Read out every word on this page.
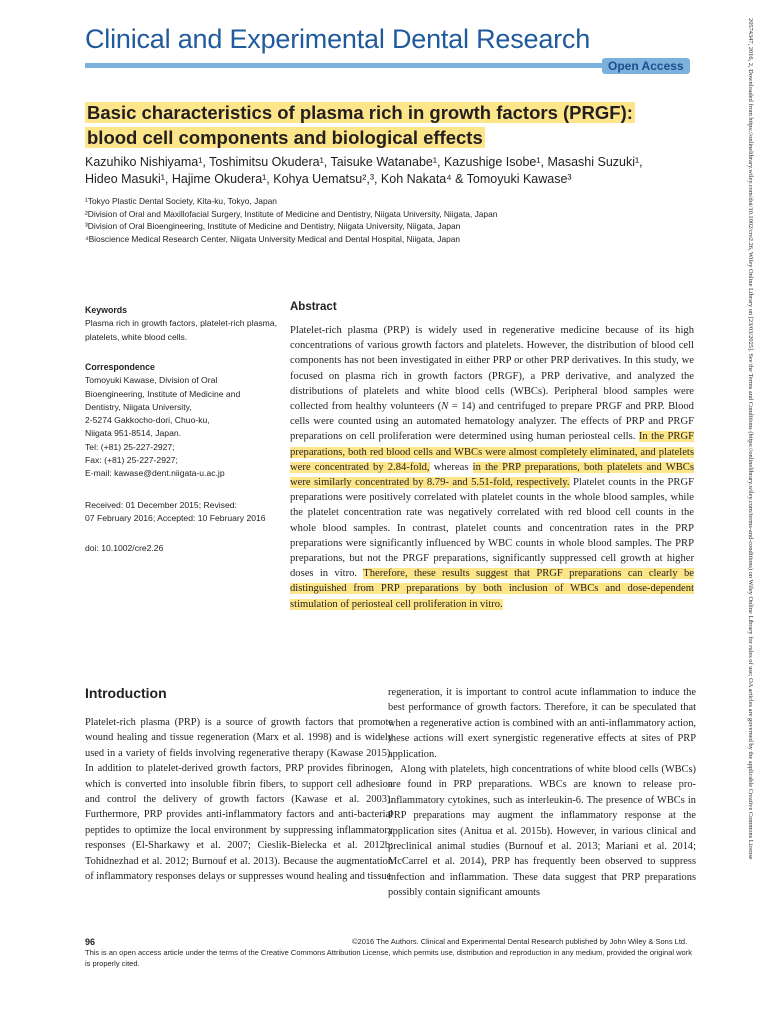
Clinical and Experimental Dental Research
Open Access
Basic characteristics of plasma rich in growth factors (PRGF):
blood cell components and biological effects
Kazuhiko Nishiyama¹, Toshimitsu Okudera¹, Taisuke Watanabe¹, Kazushige Isobe¹, Masashi Suzuki¹,
Hideo Masuki¹, Hajime Okudera¹, Kohya Uematsu²,³, Koh Nakata⁴ & Tomoyuki Kawase³
¹Tokyo Plastic Dental Society, Kita-ku, Tokyo, Japan
²Division of Oral and Maxillofacial Surgery, Institute of Medicine and Dentistry, Niigata University, Niigata, Japan
³Division of Oral Bioengineering, Institute of Medicine and Dentistry, Niigata University, Niigata, Japan
⁴Bioscience Medical Research Center, Niigata University Medical and Dental Hospital, Niigata, Japan
Keywords
Plasma rich in growth factors, platelet-rich plasma, platelets, white blood cells.
Correspondence
Tomoyuki Kawase, Division of Oral
Bioengineering, Institute of Medicine and
Dentistry, Niigata University,
2-5274 Gakkocho-dori, Chuo-ku,
Niigata 951-8514, Japan.
Tel: (+81) 25-227-2927;
Fax: (+81) 25-227-2927;
E-mail: kawase@dent.niigata-u.ac.jp
Received: 01 December 2015; Revised:
07 February 2016; Accepted: 10 February 2016
doi: 10.1002/cre2.26
Abstract
Platelet-rich plasma (PRP) is widely used in regenerative medicine because of its high concentrations of various growth factors and platelets. However, the distribution of blood cell components has not been investigated in either PRP or other PRP derivatives. In this study, we focused on plasma rich in growth factors (PRGF), a PRP derivative, and analyzed the distributions of platelets and white blood cells (WBCs). Peripheral blood samples were collected from healthy volunteers (N = 14) and centrifuged to prepare PRGF and PRP. Blood cells were counted using an automated hematology analyzer. The effects of PRP and PRGF preparations on cell proliferation were determined using human periosteal cells. In the PRGF preparations, both red blood cells and WBCs were almost completely eliminated, and platelets were concentrated by 2.84-fold, whereas in the PRP preparations, both platelets and WBCs were similarly concentrated by 8.79- and 5.51-fold, respectively. Platelet counts in the PRGF preparations were positively correlated with platelet counts in the whole blood samples, while the platelet concentration rate was negatively correlated with red blood cell counts in the whole blood samples. In contrast, platelet counts and concentration rates in the PRP preparations were significantly influenced by WBC counts in whole blood samples. The PRP preparations, but not the PRGF preparations, significantly suppressed cell growth at higher doses in vitro. Therefore, these results suggest that PRGF preparations can clearly be distinguished from PRP preparations by both inclusion of WBCs and dose-dependent stimulation of periosteal cell proliferation in vitro.
Introduction

Platelet-rich plasma (PRP) is a source of growth factors that promote wound healing and tissue regeneration (Marx et al. 1998) and is widely used in a variety of fields involving regenerative therapy (Kawase 2015). In addition to platelet-derived growth factors, PRP provides fibrinogen, which is converted into insoluble fibrin fibers, to support cell adhesion and control the delivery of growth factors (Kawase et al. 2003). Furthermore, PRP provides anti-inflammatory factors and anti-bacterial peptides to optimize the local environment by suppressing inflammatory responses (El-Sharkawy et al. 2007; Cieslik-Bielecka et al. 2012b; Tohidnezhad et al. 2012; Burnouf et al. 2013). Because the augmentation of inflammatory responses delays or suppresses wound healing and tissue

regeneration, it is important to control acute inflammation to induce the best performance of growth factors. Therefore, it can be speculated that when a regenerative action is combined with an anti-inflammatory action, these actions will exert synergistic regenerative effects at sites of PRP application.

Along with platelets, high concentrations of white blood cells (WBCs) are found in PRP preparations. WBCs are known to release pro-inflammatory cytokines, such as interleukin-6. The presence of WBCs in PRP preparations may augment the inflammatory response at the application sites (Anitua et al. 2015b). However, in various clinical and preclinical animal studies (Burnouf et al. 2013; Mariani et al. 2014; McCarrel et al. 2014), PRP has frequently been observed to suppress infection and inflammation. These data suggest that PRP preparations possibly contain significant amounts

96	©2016 The Authors. Clinical and Experimental Dental Research published by John Wiley & Sons Ltd.
This is an open access article under the terms of the Creative Commons Attribution License, which permits use, distribution and reproduction in any medium, provided the original work is properly cited.
20574347, 2016, 2, Downloaded from https://onlinelibrary.wiley.com/doi/10.1002/cre2.26, Wiley Online Library on [23/03/2025]. See the Terms and Conditions (https://onlinelibrary.wiley.com/terms-and-conditions) on Wiley Online Library for rules of use; OA articles are governed by the applicable Creative Commons License
